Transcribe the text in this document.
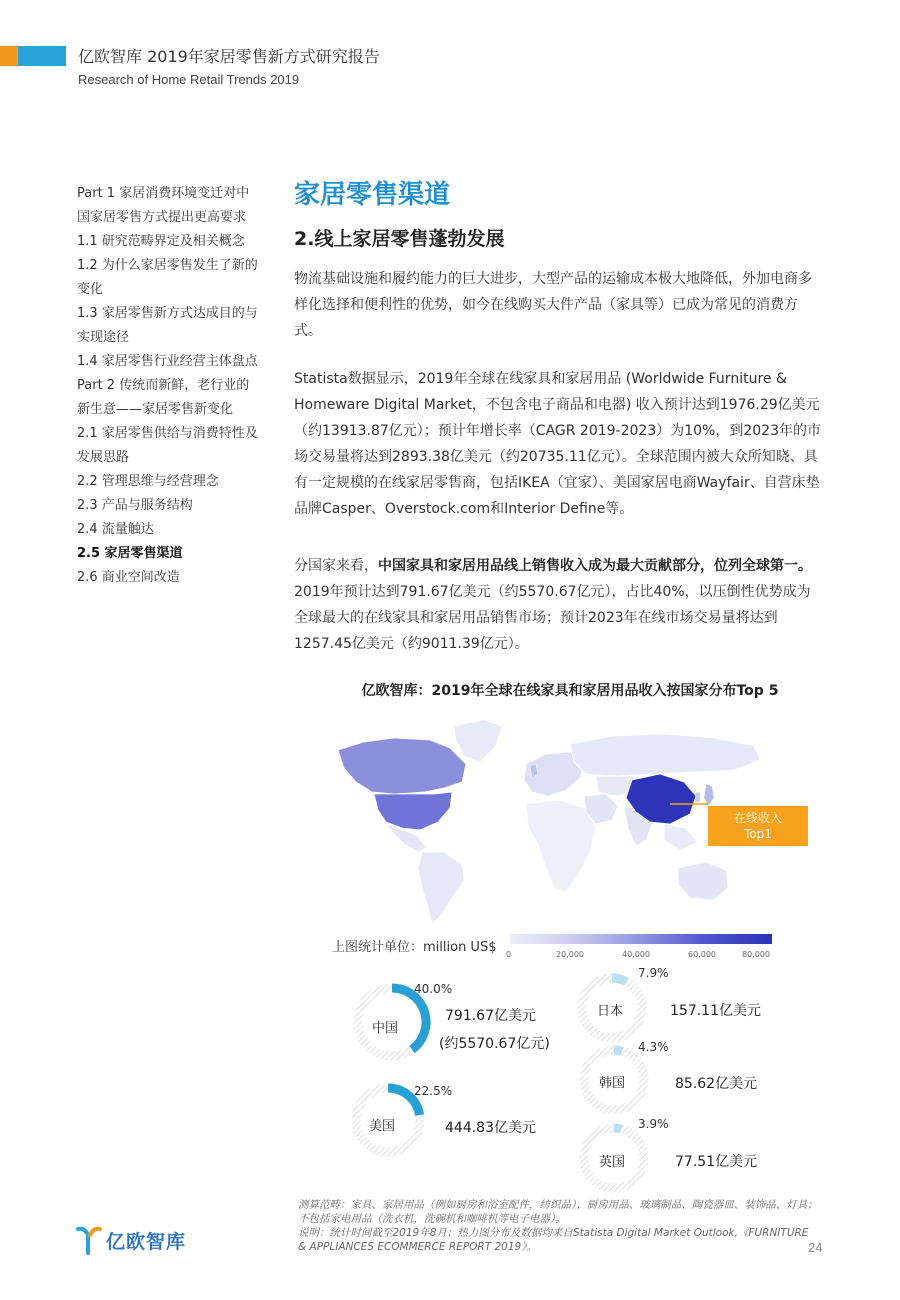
亿欧智库 2019年家居零售新方式研究报告
Research of Home Retail Trends 2019
Part 1 家居消费环境变迁对中
国家居零售方式提出更高要求
1.1 研究范畴界定及相关概念
1.2 为什么家居零售发生了新的
变化
1.3 家居零售新方式达成目的与
实现途径
1.4 家居零售行业经营主体盘点
Part 2 传统而新鲜，老行业的
新生意——家居零售新变化
2.1 家居零售供给与消费特性及
发展思路
2.2 管理思维与经营理念
2.3 产品与服务结构
2.4 流量触达
2.5 家居零售渠道
2.6 商业空间改造
家居零售渠道
2.线上家居零售蓬勃发展

物流基础设施和履约能力的巨大进步，大型产品的运输成本极大地降低，外加电商多样化选择和便利性的优势，如今在线购买大件产品（家具等）已成为常见的消费方式。

Statista数据显示，2019年全球在线家具和家居用品 (Worldwide Furniture & Homeware Digital Market，不包含电子商品和电器) 收入预计达到1976.29亿美元（约13913.87亿元）；预计年增长率（CAGR 2019-2023）为10%，到2023年的市场交易量将达到2893.38亿美元（约20735.11亿元）。全球范围内被大众所知晓、具有一定规模的在线家居零售商，包括IKEA（宜家）、美国家居电商Wayfair、自营床垫品牌Casper、Overstock.com和Interior Define等。

分国家来看，中国家具和家居用品线上销售收入成为最大贡献部分，位列全球第一。2019年预计达到791.67亿美元（约5570.67亿元），占比40%，以压倒性优势成为全球最大的在线家具和家居用品销售市场；预计2023年在线市场交易量将达到1257.45亿美元（约9011.39亿元）。

亿欧智库：2019年全球在线家具和家居用品收入按国家分布Top 5
在线收入
Top1
上图统计单位：million US$ 0	20,000	40,000	60,000	80,000
中国
40.0%
791.67亿美元
(约5570.67亿元)
美国
22.5%
444.83亿美元
日本
7.9%
157.11亿美元
韩国
4.3%
85.62亿美元
英国
3.9%
77.51亿美元
测算范畴：家具、家居用品（例如厨房和浴室配件，纺织品）、厨房用品、玻璃制品、陶瓷器皿、装饰品、灯具；不包括家电用品（洗衣机，洗碗机和咖啡机等电子电器）。
说明：统计时间截至2019年8月；热力图分布及数据均来自Statista Digital Market Outlook,《FURNITURE & APPLIANCES ECOMMERCE REPORT 2019》。
亿欧智库	24
